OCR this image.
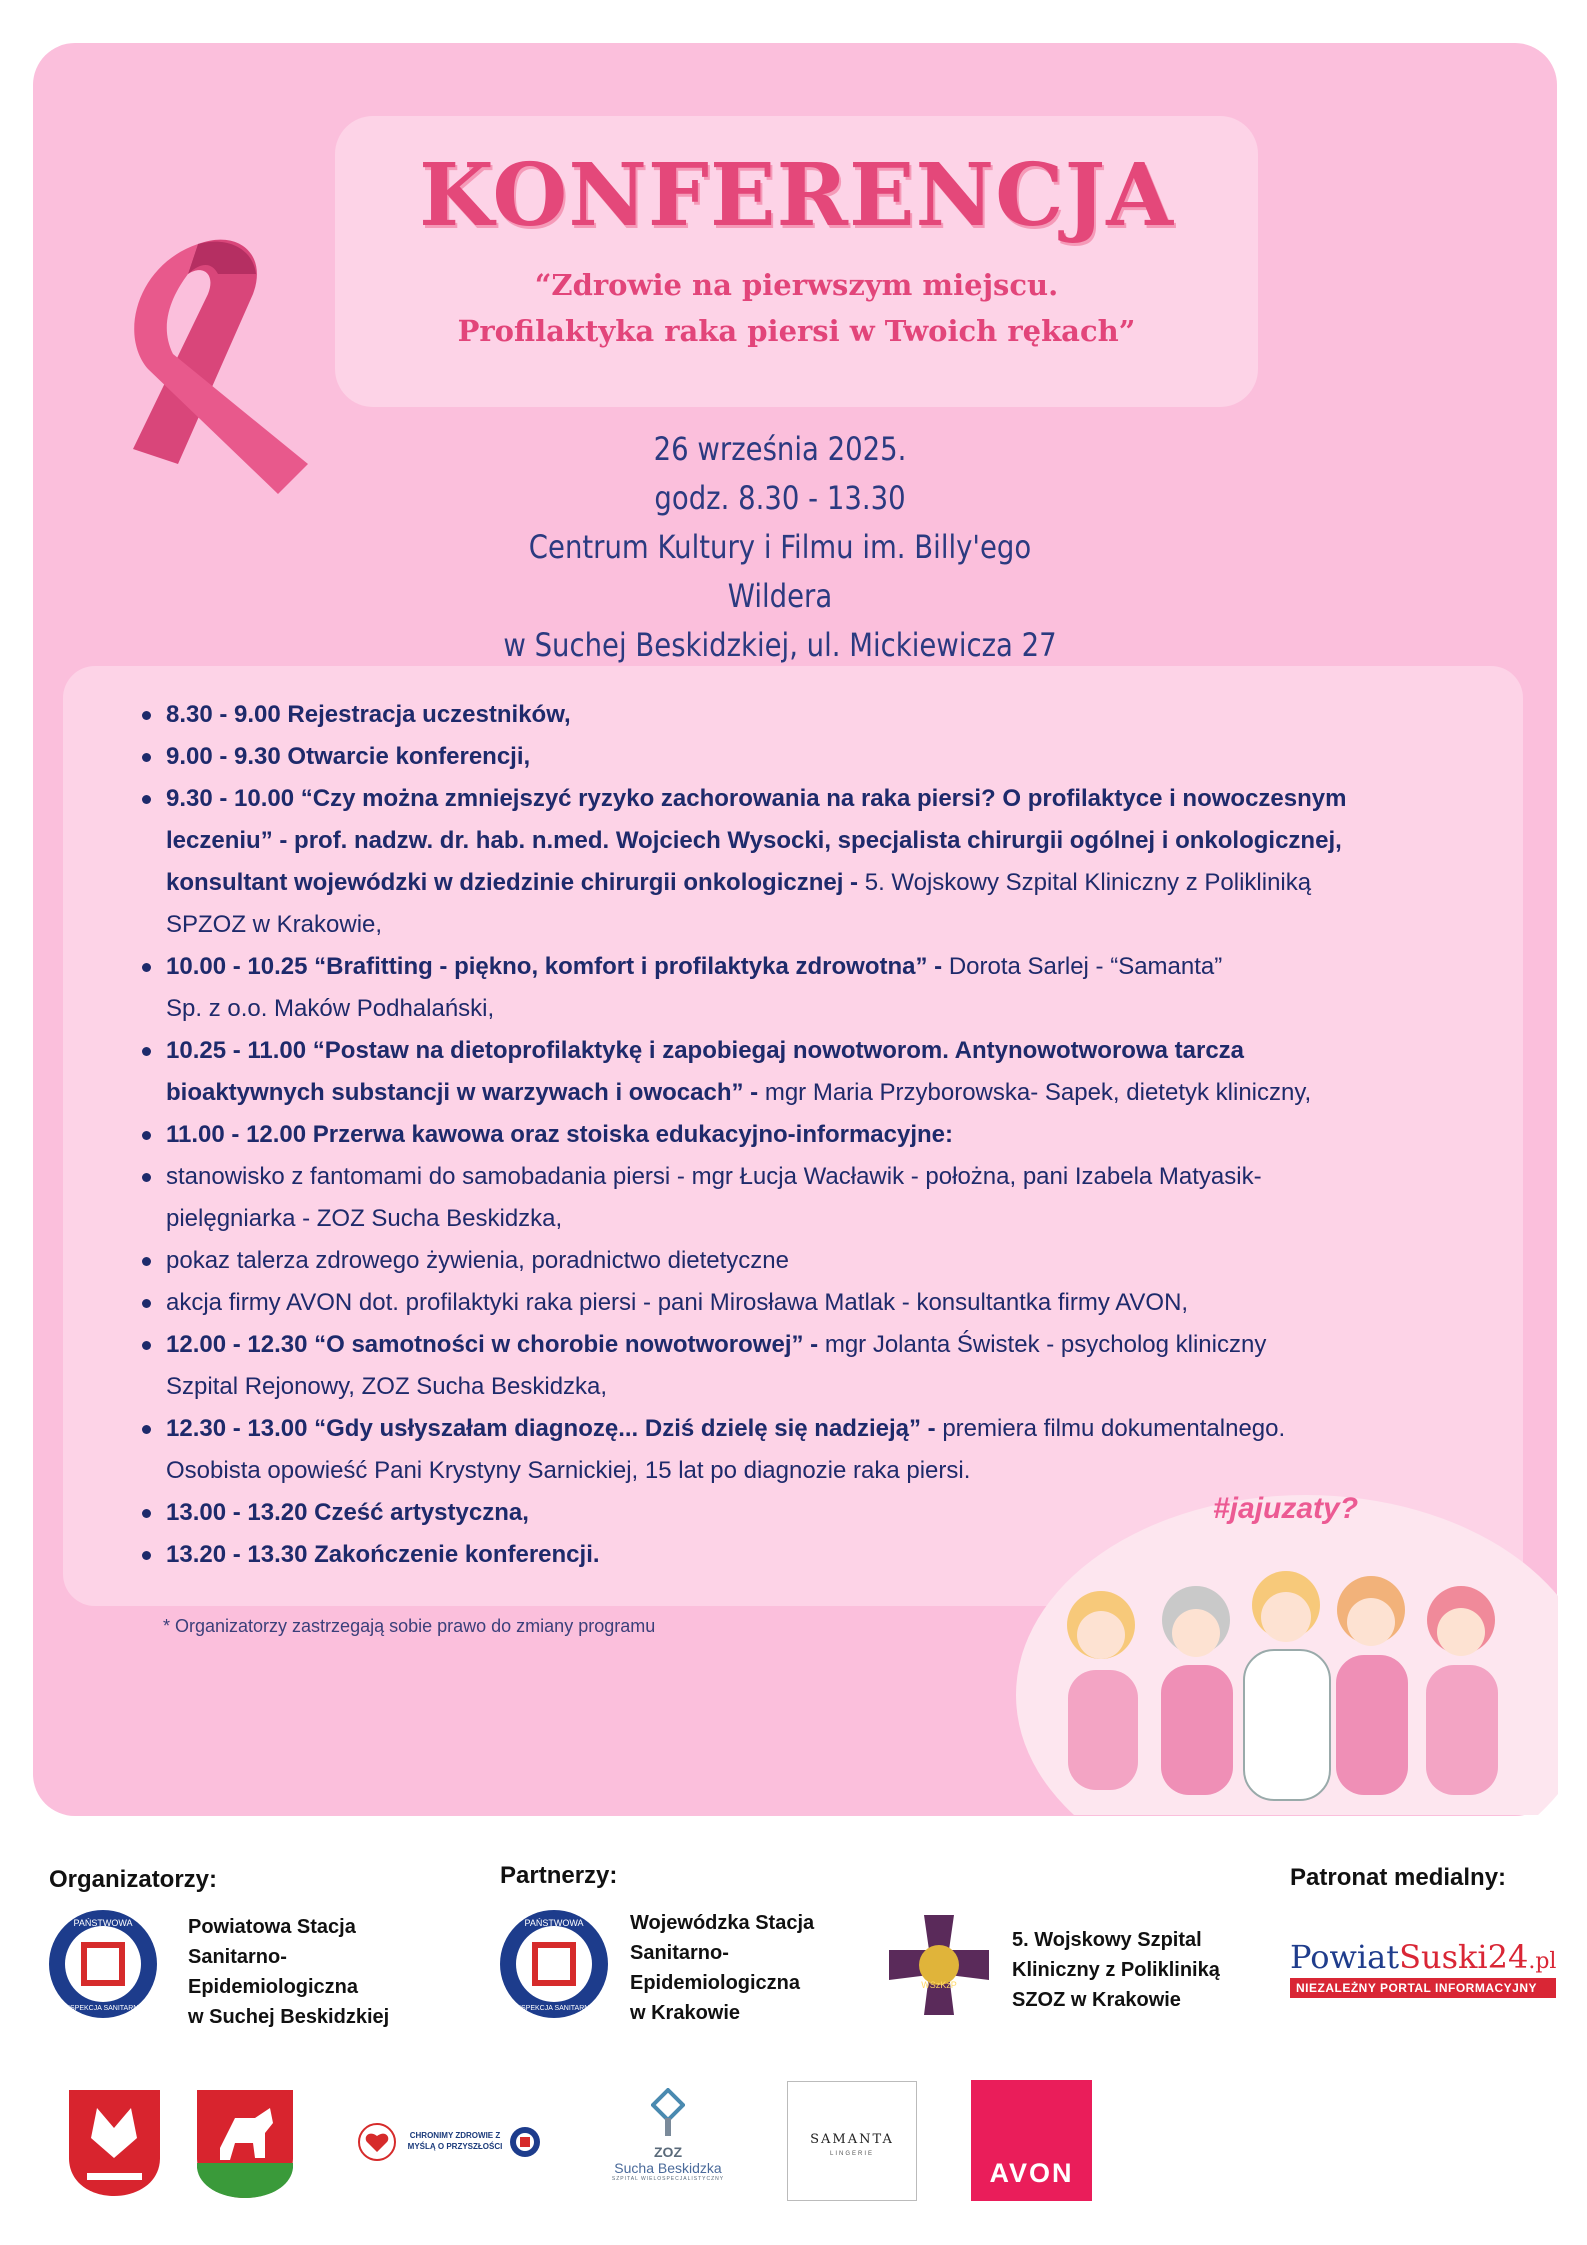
KONFERENCJA
“Zdrowie na pierwszym miejscu.
Profilaktyka raka piersi w Twoich rękach”
26 września 2025.
godz. 8.30 - 13.30
Centrum Kultury i Filmu im. Billy'ego Wildera
w Suchej Beskidzkiej, ul. Mickiewicza 27
8.30 - 9.00 Rejestracja uczestników,
9.00 - 9.30 Otwarcie konferencji,
9.30 - 10.00 “Czy można zmniejszyć ryzyko zachorowania na raka piersi? O profilaktyce i nowoczesnym
leczeniu” - prof. nadzw. dr. hab. n.med. Wojciech Wysocki, specjalista chirurgii ogólnej i onkologicznej,
konsultant wojewódzki w dziedzinie chirurgii onkologicznej - 5. Wojskowy Szpital Kliniczny z Polikliniką
SPZOZ w Krakowie,
10.00 - 10.25 “Brafitting - piękno, komfort i profilaktyka zdrowotna” - Dorota Sarlej - “Samanta”
Sp. z o.o. Maków Podhalański,
10.25 - 11.00 “Postaw na dietoprofilaktykę i zapobiegaj nowotworom. Antynowotworowa tarcza
bioaktywnych substancji w warzywach i owocach” - mgr Maria Przyborowska- Sapek, dietetyk kliniczny,
11.00 - 12.00 Przerwa kawowa oraz stoiska edukacyjno-informacyjne:
stanowisko z fantomami do samobadania piersi - mgr Łucja Wacławik - położna, pani Izabela Matyasik-
pielęgniarka - ZOZ Sucha Beskidzka,
pokaz talerza zdrowego żywienia, poradnictwo dietetyczne
akcja firmy AVON dot. profilaktyki raka piersi - pani Mirosława Matlak - konsultantka firmy AVON,
12.00 - 12.30 “O samotności w chorobie nowotworowej” - mgr Jolanta Świstek - psycholog kliniczny
Szpital Rejonowy, ZOZ Sucha Beskidzka,
12.30 - 13.00 “Gdy usłyszałam diagnozę... Dziś dzielę się nadzieją” - premiera filmu dokumentalnego.
Osobista opowieść Pani Krystyny Sarnickiej, 15 lat po diagnozie raka piersi.
13.00 - 13.20 Cześć artystyczna,
13.20 - 13.30 Zakończenie konferencji.
* Organizatorzy zastrzegają sobie prawo do zmiany programu
#jajuzaty?
Organizatorzy:	Partnerzy:	Patronat medialny:
PAŃSTWOWA
INSPEKCJA SANITARNA
Powiatowa Stacja
Sanitarno-
Epidemiologiczna
w Suchej Beskidzkiej
PAŃSTWOWA
INSPEKCJA SANITARNA
Wojewódzka Stacja
Sanitarno-
Epidemiologiczna
w Krakowie
WSzKzP
5. Wojskowy Szpital
Kliniczny z Polikliniką
SZOZ w Krakowie
PowiatSuski24.pl
NIEZALEŻNY PORTAL INFORMACYJNY
CHRONIMY ZDROWIE Z MYŚLĄ O PRZYSZŁOŚCI	ZOZ
Sucha Beskidzka
SZPITAL WIELOSPECJALISTYCZNY
SAMANTA
LINGERIE
AVON
